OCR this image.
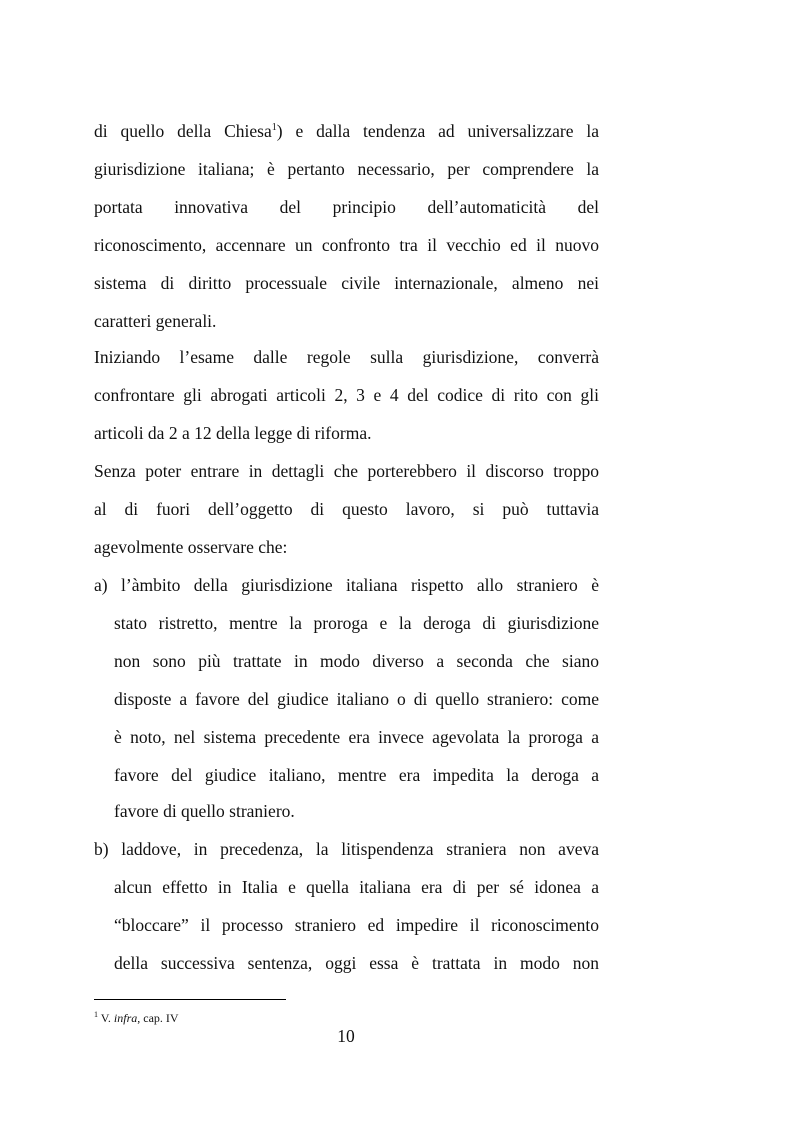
di quello della Chiesa$^1$) e dalla tendenza ad universalizzare la
giurisdizione italiana; è pertanto necessario, per comprendere la
portata innovativa del principio dell’automaticità del
riconoscimento, accennare un confronto tra il vecchio ed il nuovo
sistema di diritto processuale civile internazionale, almeno nei
caratteri generali.
Iniziando l’esame dalle regole sulla giurisdizione, converrà
confrontare gli abrogati articoli 2, 3 e 4 del codice di rito con gli
articoli da 2 a 12 della legge di riforma.
Senza poter entrare in dettagli che porterebbero il discorso troppo
al di fuori dell’oggetto di questo lavoro, si può tuttavia
agevolmente osservare che:
a) l’àmbito della giurisdizione italiana rispetto allo straniero è
stato ristretto, mentre la proroga e la deroga di giurisdizione
non sono più trattate in modo diverso a seconda che siano
disposte a favore del giudice italiano o di quello straniero: come
è noto, nel sistema precedente era invece agevolata la proroga a
favore del giudice italiano, mentre era impedita la deroga a
favore di quello straniero.
b) laddove, in precedenza, la litispendenza straniera non aveva
alcun effetto in Italia e quella italiana era di per sé idonea a
“bloccare” il processo straniero ed impedire il riconoscimento
della successiva sentenza, oggi essa è trattata in modo non
$^1$ V. infra, cap. IV
10
